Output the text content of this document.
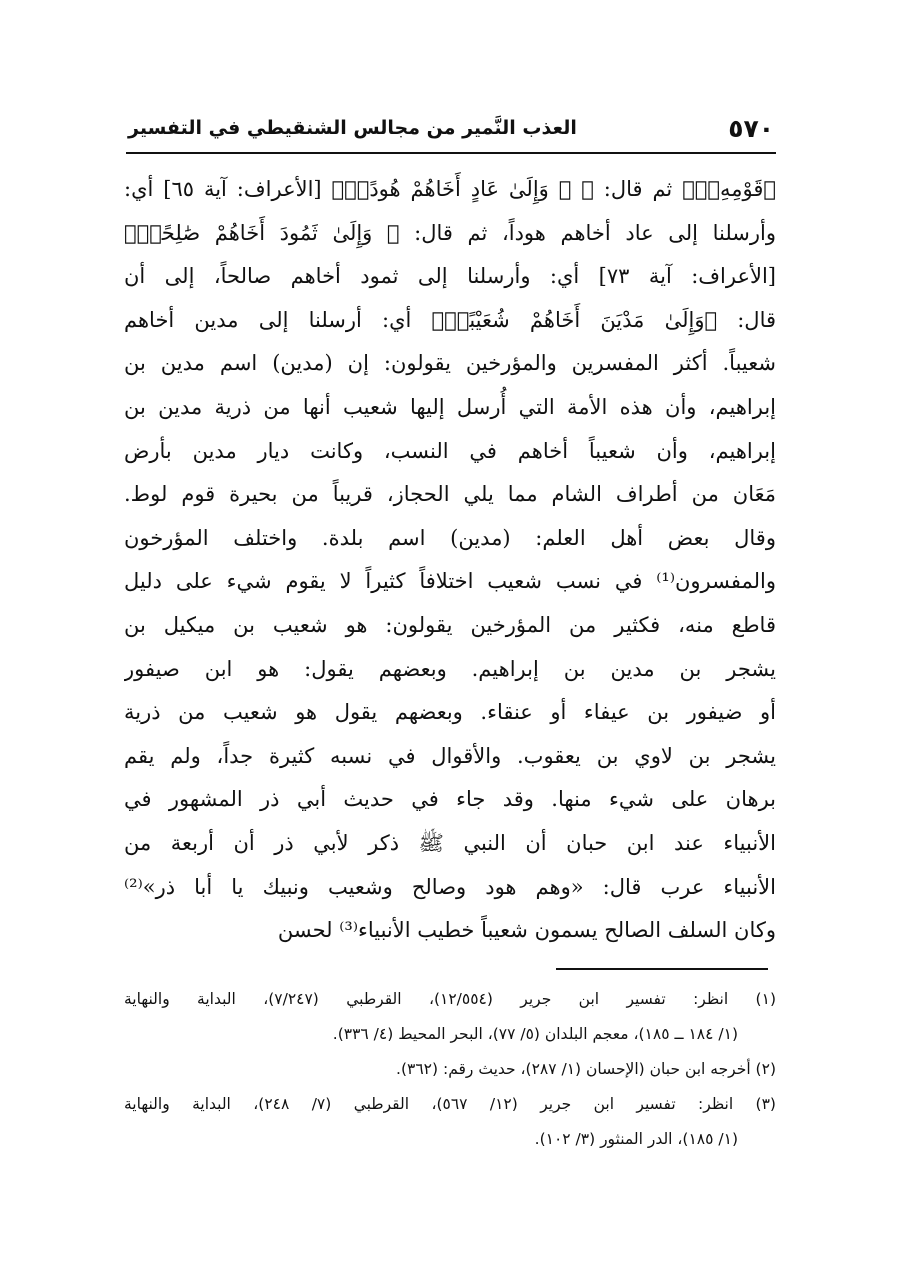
٥٧٠
العذب النَّمير من مجالس الشنقيطي في التفسير
﴿قَوْمِهِۦٓ﴾ ثم قال: ﴿ ۞ وَإِلَىٰ عَادٍ أَخَاهُمْ هُودًاۗ﴾ [الأعراف: آية ٦٥] أي:
وأرسلنا إلى عاد أخاهم هوداً، ثم قال: ﴿ وَإِلَىٰ ثَمُودَ أَخَاهُمْ صَٰلِحًاۗ﴾
[الأعراف: آية ٧٣] أي: وأرسلنا إلى ثمود أخاهم صالحاً، إلى أن
قال: ﴿وَإِلَىٰ مَدْيَنَ أَخَاهُمْ شُعَيْبًاۗ﴾ أي: أرسلنا إلى مدين أخاهم
شعيباً. أكثر المفسرين والمؤرخين يقولون: إن (مدين) اسم مدين بن
إبراهيم، وأن هذه الأمة التي أُرسل إليها شعيب أنها من ذرية مدين بن
إبراهيم، وأن شعيباً أخاهم في النسب، وكانت ديار مدين بأرض
مَعَان من أطراف الشام مما يلي الحجاز، قريباً من بحيرة قوم لوط.
وقال بعض أهل العلم: (مدين) اسم بلدة. واختلف المؤرخون
والمفسرون⁽¹⁾ في نسب شعيب اختلافاً كثيراً لا يقوم شيء على دليل
قاطع منه، فكثير من المؤرخين يقولون: هو شعيب بن ميكيل بن
يشجر بن مدين بن إبراهيم. وبعضهم يقول: هو ابن صيفور
أو ضيفور بن عيفاء أو عنقاء. وبعضهم يقول هو شعيب من ذرية
يشجر بن لاوي بن يعقوب. والأقوال في نسبه كثيرة جداً، ولم يقم
برهان على شيء منها. وقد جاء في حديث أبي ذر المشهور في
الأنبياء عند ابن حبان أن النبي ﷺ ذكر لأبي ذر أن أربعة من
الأنبياء عرب قال: «وهم هود وصالح وشعيب ونبيك يا أبا ذر»⁽²⁾
وكان السلف الصالح يسمون شعيباً خطيب الأنبياء⁽³⁾ لحسن
(١) انظر: تفسير ابن جرير (١٢/٥٥٤)، القرطبي (٧/٢٤٧)، البداية والنهاية
(١/ ١٨٤ ــ ١٨٥)، معجم البلدان (٥/ ٧٧)، البحر المحيط (٤/ ٣٣٦).
(٢) أخرجه ابن حبان (الإحسان (١/ ٢٨٧)، حديث رقم: (٣٦٢).
(٣) انظر: تفسير ابن جرير (١٢/ ٥٦٧)، القرطبي (٧/ ٢٤٨)، البداية والنهاية
(١/ ١٨٥)، الدر المنثور (٣/ ١٠٢).
